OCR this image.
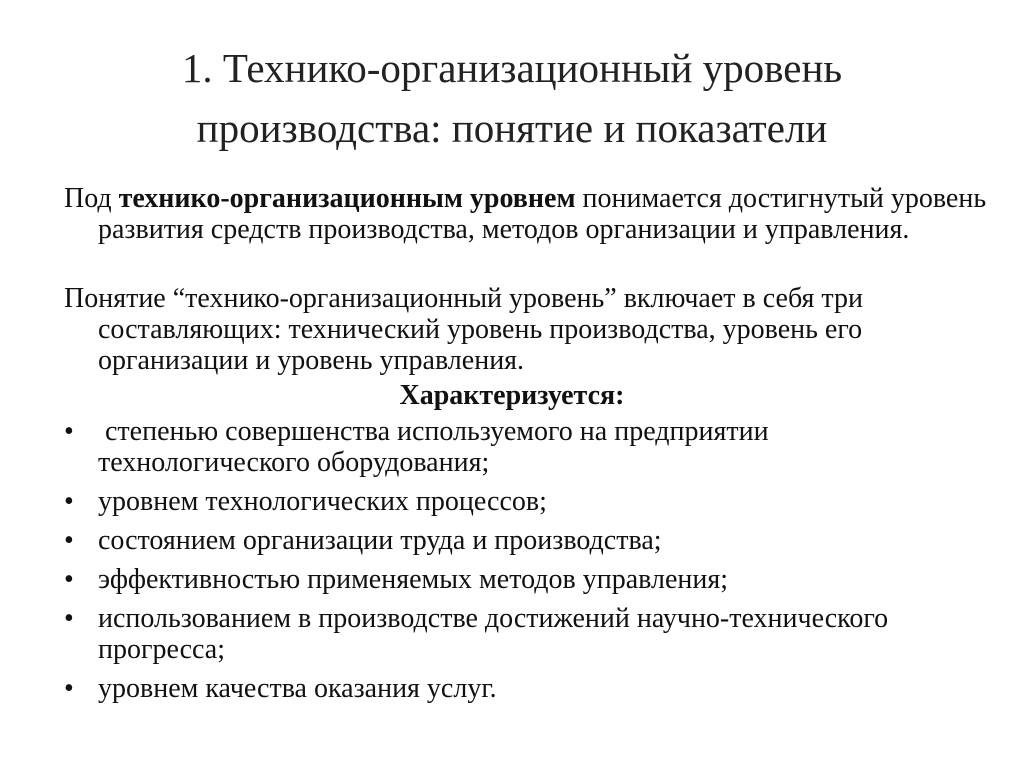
1. Технико-организационный уровень
производства: понятие и показатели
Под технико-организационным уровнем понимается достигнутый уровень развития средств производства, методов организации и управления.
Понятие “технико-организационный уровень” включает в себя три составляющих: технический уровень производства, уровень его организации и уровень управления.
Характеризуется:
• степенью совершенства используемого на предприятии технологического оборудования;
• уровнем технологических процессов;
• состоянием организации труда и производства;
• эффективностью применяемых методов управления;
• использованием в производстве достижений научно-технического прогресса;
• уровнем качества оказания услуг.
